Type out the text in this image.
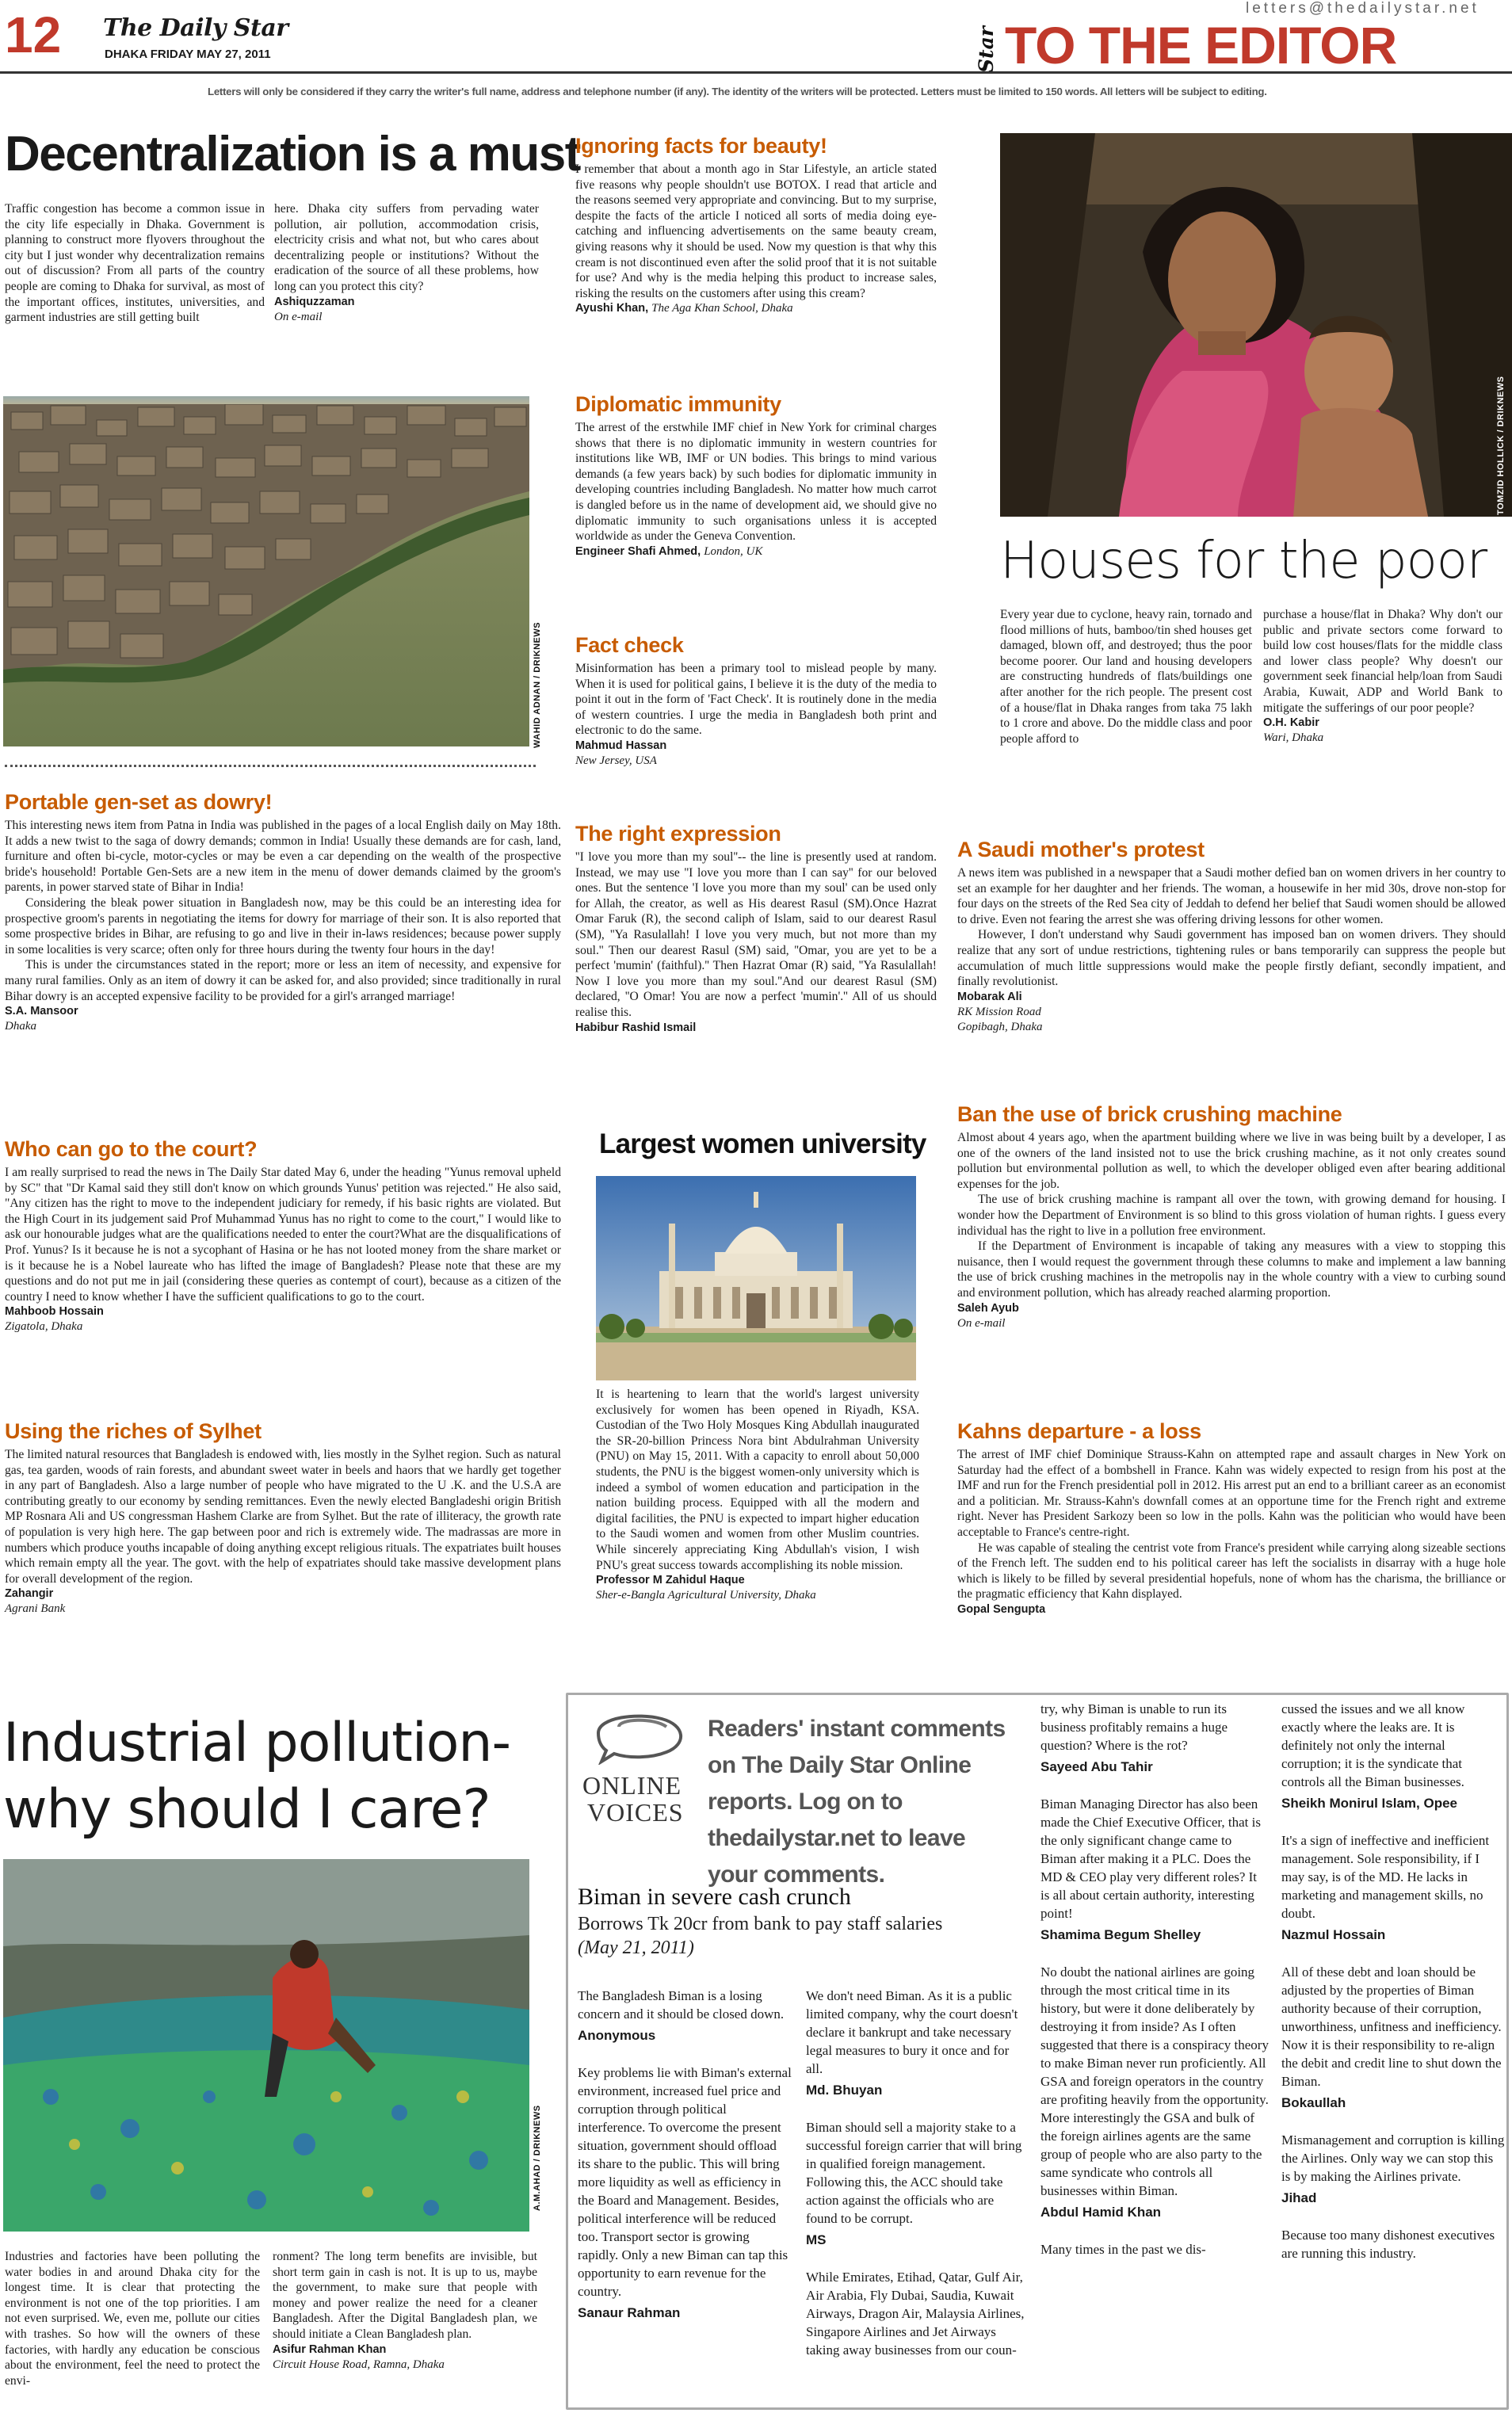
12 The Daily Star
DHAKA FRIDAY MAY 27, 2011
letters@thedailystar.net
Star TO THE EDITOR
Letters will only be considered if they carry the writer's full name, address and telephone number (if any). The identity of the writers will be protected. Letters must be limited to 150 words. All letters will be subject to editing.
Decentralization is a must

Traffic congestion has become a common issue in the city life especially in Dhaka. Government is planning to construct more flyovers throughout the city but I just wonder why decentralization remains out of discussion? From all parts of the country people are coming to Dhaka for survival, as most of the important offices, institutes, universities, and garment industries are still getting built

here. Dhaka city suffers from pervading water pollution, air pollution, accommodation crisis, electricity crisis and what not, but who cares about decentralizing people or institutions? Without the eradication of the source of all these problems, how long can you protect this city?

Ashiquzzaman
On e-mail
WAHID ADNAN / DRIKNEWS
Portable gen-set as dowry!

This interesting news item from Patna in India was published in the pages of a local English daily on May 18th. It adds a new twist to the saga of dowry demands; common in India! Usually these demands are for cash, land, furniture and often bi-cycle, motor-cycles or may be even a car depending on the wealth of the prospective bride's household! Portable Gen-Sets are a new item in the menu of dower demands claimed by the groom's parents, in power starved state of Bihar in India!

Considering the bleak power situation in Bangladesh now, may be this could be an interesting idea for prospective groom's parents in negotiating the items for dowry for marriage of their son. It is also reported that some prospective brides in Bihar, are refusing to go and live in their in-laws residences; because power supply in some localities is very scarce; often only for three hours during the twenty four hours in the day!

This is under the circumstances stated in the report; more or less an item of necessity, and expensive for many rural families. Only as an item of dowry it can be asked for, and also provided; since traditionally in rural Bihar dowry is an accepted expensive facility to be provided for a girl's arranged marriage!

S.A. Mansoor
Dhaka
Who can go to the court?

I am really surprised to read the news in The Daily Star dated May 6, under the heading "Yunus removal upheld by SC" that "Dr Kamal said they still don't know on which grounds Yunus' petition was rejected." He also said, "Any citizen has the right to move to the independent judiciary for remedy, if his basic rights are violated. But the High Court in its judgement said Prof Muhammad Yunus has no right to come to the court," I would like to ask our honourable judges what are the qualifications needed to enter the court?What are the disqualifications of Prof. Yunus? Is it because he is not a sycophant of Hasina or he has not looted money from the share market or is it because he is a Nobel laureate who has lifted the image of Bangladesh? Please note that these are my questions and do not put me in jail (considering these queries as contempt of court), because as a citizen of the country I need to know whether I have the sufficient qualifications to go to the court.

Mahboob Hossain
Zigatola, Dhaka
Using the riches of Sylhet

The limited natural resources that Bangladesh is endowed with, lies mostly in the Sylhet region. Such as natural gas, tea garden, woods of rain forests, and abundant sweet water in beels and haors that we hardly get together in any part of Bangladesh. Also a large number of people who have migrated to the U .K. and the U.S.A are contributing greatly to our economy by sending remittances. Even the newly elected Bangladeshi origin British MP Rosnara Ali and US congressman Hashem Clarke are from Sylhet. But the rate of illiteracy, the growth rate of population is very high here. The gap between poor and rich is extremely wide. The madrassas are more in numbers which produce youths incapable of doing anything except religious rituals. The expatriates built houses which remain empty all the year. The govt. with the help of expatriates should take massive development plans for overall development of the region.

Zahangir
Agrani Bank
Ignoring facts for beauty!

I remember that about a month ago in Star Lifestyle, an article stated five reasons why people shouldn't use BOTOX. I read that article and the reasons seemed very appropriate and convincing. But to my surprise, despite the facts of the article I noticed all sorts of media doing eye-catching and influencing advertisements on the same beauty cream, giving reasons why it should be used. Now my question is that why this cream is not discontinued even after the solid proof that it is not suitable for use? And why is the media helping this product to increase sales, risking the results on the customers after using this cream?

Ayushi Khan, The Aga Khan School, Dhaka
Diplomatic immunity

The arrest of the erstwhile IMF chief in New York for criminal charges shows that there is no diplomatic immunity in western countries for institutions like WB, IMF or UN bodies. This brings to mind various demands (a few years back) by such bodies for diplomatic immunity in developing countries including Bangladesh. No matter how much carrot is dangled before us in the name of development aid, we should give no diplomatic immunity to such organisations unless it is accepted worldwide as under the Geneva Convention.

Engineer Shafi Ahmed, London, UK
Fact check

Misinformation has been a primary tool to mislead people by many. When it is used for political gains, I believe it is the duty of the media to point it out in the form of 'Fact Check'. It is routinely done in the media of western countries. I urge the media in Bangladesh both print and electronic to do the same.

Mahmud Hassan
New Jersey, USA
The right expression

''I love you more than my soul''-- the line is presently used at random. Instead, we may use ''I love you more than I can say'' for our beloved ones. But the sentence 'I love you more than my soul' can be used only for Allah, the creator, as well as His dearest Rasul (SM).Once Hazrat Omar Faruk (R), the second caliph of Islam, said to our dearest Rasul (SM), ''Ya Rasulallah! I love you very much, but not more than my soul.'' Then our dearest Rasul (SM) said, ''Omar, you are yet to be a perfect 'mumin' (faithful).'' Then Hazrat Omar (R) said, ''Ya Rasulallah! Now I love you more than my soul.''And our dearest Rasul (SM) declared, ''O Omar! You are now a perfect 'mumin'.'' All of us should realise this.

Habibur Rashid Ismail
Largest women university

It is heartening to learn that the world's largest university exclusively for women has been opened in Riyadh, KSA. Custodian of the Two Holy Mosques King Abdullah inaugurated the SR-20-billion Princess Nora bint Abdulrahman University (PNU) on May 15, 2011. With a capacity to enroll about 50,000 students, the PNU is the biggest women-only university which is indeed a symbol of women education and participation in the nation building process. Equipped with all the modern and digital facilities, the PNU is expected to impart higher education to the Saudi women and women from other Muslim countries. While sincerely appreciating King Abdullah's vision, I wish PNU's great success towards accomplishing its noble mission.

Professor M Zahidul Haque
Sher-e-Bangla Agricultural University, Dhaka
TOMZID HOLLICK / DRIKNEWS
Houses for the poor

Every year due to cyclone, heavy rain, tornado and flood millions of huts, bamboo/tin shed houses get damaged, blown off, and destroyed; thus the poor become poorer. Our land and housing developers are constructing hundreds of flats/buildings one after another for the rich people. The present cost of a house/flat in Dhaka ranges from taka 75 lakh to 1 crore and above. Do the middle class and poor people afford to

purchase a house/flat in Dhaka? Why don't our public and private sectors come forward to build low cost houses/flats for the middle class and lower class people? Why doesn't our government seek financial help/loan from Saudi Arabia, Kuwait, ADP and World Bank to mitigate the sufferings of our poor people?

O.H. Kabir
Wari, Dhaka
A Saudi mother's protest

A news item was published in a newspaper that a Saudi mother defied ban on women drivers in her country to set an example for her daughter and her friends. The woman, a housewife in her mid 30s, drove non-stop for four days on the streets of the Red Sea city of Jeddah to defend her belief that Saudi women should be allowed to drive. Even not fearing the arrest she was offering driving lessons for other women.

However, I don't understand why Saudi government has imposed ban on women drivers. They should realize that any sort of undue restrictions, tightening rules or bans temporarily can suppress the people but accumulation of much little suppressions would make the people firstly defiant, secondly impatient, and finally revolutionist.

Mobarak Ali
RK Mission Road
Gopibagh, Dhaka
Ban the use of brick crushing machine

Almost about 4 years ago, when the apartment building where we live in was being built by a developer, I as one of the owners of the land insisted not to use the brick crushing machine, as it not only creates sound pollution but environmental pollution as well, to which the developer obliged even after bearing additional expenses for the job.

The use of brick crushing machine is rampant all over the town, with growing demand for housing. I wonder how the Department of Environment is so blind to this gross violation of human rights. I guess every individual has the right to live in a pollution free environment.

If the Department of Environment is incapable of taking any measures with a view to stopping this nuisance, then I would request the government through these columns to make and implement a law banning the use of brick crushing machines in the metropolis nay in the whole country with a view to curbing sound and environment pollution, which has already reached alarming proportion.

Saleh Ayub
On e-mail
Kahns departure - a loss

The arrest of IMF chief Dominique Strauss-Kahn on attempted rape and assault charges in New York on Saturday had the effect of a bombshell in France. Kahn was widely expected to resign from his post at the IMF and run for the French presidential poll in 2012. His arrest put an end to a brilliant career as an economist and a politician. Mr. Strauss-Kahn's downfall comes at an opportune time for the French right and extreme right. Never has President Sarkozy been so low in the polls. Kahn was the politician who would have been acceptable to France's centre-right.

He was capable of stealing the centrist vote from France's president while carrying along sizeable sections of the French left. The sudden end to his political career has left the socialists in disarray with a huge hole which is likely to be filled by several presidential hopefuls, none of whom has the charisma, the brilliance or the pragmatic efficiency that Kahn displayed.

Gopal Sengupta
Industrial pollution-
why should I care?
A.M.AHAD / DRIKNEWS

Industries and factories have been polluting the water bodies in and around Dhaka city for the longest time. It is clear that protecting the environment is not one of the top priorities. I am not even surprised. We, even me, pollute our cities with trashes. So how will the owners of these factories, with hardly any education be conscious about the environment, feel the need to protect the envi-

ronment? The long term benefits are invisible, but short term gain in cash is not. It is up to us, maybe the government, to make sure that people with money and power realize the need for a cleaner Bangladesh. After the Digital Bangladesh plan, we should initiate a Clean Bangladesh plan.

Asifur Rahman Khan
Circuit House Road, Ramna, Dhaka
ONLINE
VOICES
Readers' instant comments on The Daily Star Online reports. Log on to thedailystar.net to leave your comments.
Biman in severe cash crunch
Borrows Tk 20cr from bank to pay staff salaries
(May 21, 2011)

The Bangladesh Biman is a losing concern and it should be closed down.

Anonymous

Key problems lie with Biman's external environment, increased fuel price and corruption through political interference. To overcome the present situation, government should offload its share to the public. This will bring more liquidity as well as efficiency in the Board and Management. Besides, political interference will be reduced too. Transport sector is growing rapidly. Only a new Biman can tap this opportunity to earn revenue for the country.

Sanaur Rahman

We don't need Biman. As it is a public limited company, why the court doesn't declare it bankrupt and take necessary legal measures to bury it once and for all.

Md. Bhuyan

Biman should sell a majority stake to a successful foreign carrier that will bring in qualified foreign management. Following this, the ACC should take action against the officials who are found to be corrupt.

MS

While Emirates, Etihad, Qatar, Gulf Air, Air Arabia, Fly Dubai, Saudia, Kuwait Airways, Dragon Air, Malaysia Airlines, Singapore Airlines and Jet Airways taking away businesses from our coun-

try, why Biman is unable to run its business profitably remains a huge question? Where is the rot?

Sayeed Abu Tahir

Biman Managing Director has also been made the Chief Executive Officer, that is the only significant change came to Biman after making it a PLC. Does the MD & CEO play very different roles? It is all about certain authority, interesting point!

Shamima Begum Shelley

No doubt the national airlines are going through the most critical time in its history, but were it done deliberately by destroying it from inside? As I often suggested that there is a conspiracy theory to make Biman never run proficiently. All GSA and foreign operators in the country are profiting heavily from the opportunity. More interestingly the GSA and bulk of the foreign airlines agents are the same group of people who are also party to the same syndicate who controls all businesses within Biman.

Abdul Hamid Khan

Many times in the past we dis-

cussed the issues and we all know exactly where the leaks are. It is definitely not only the internal corruption; it is the syndicate that controls all the Biman businesses.

Sheikh Monirul Islam, Opee

It's a sign of ineffective and inefficient management. Sole responsibility, if I may say, is of the MD. He lacks in marketing and management skills, no doubt.

Nazmul Hossain

All of these debt and loan should be adjusted by the properties of Biman authority because of their corruption, unworthiness, unfitness and inefficiency. Now it is their responsibility to re-align the debit and credit line to shut down the Biman.

Bokaullah

Mismanagement and corruption is killing the Airlines. Only way we can stop this is by making the Airlines private.

Jihad

Because too many dishonest executives are running this industry.
